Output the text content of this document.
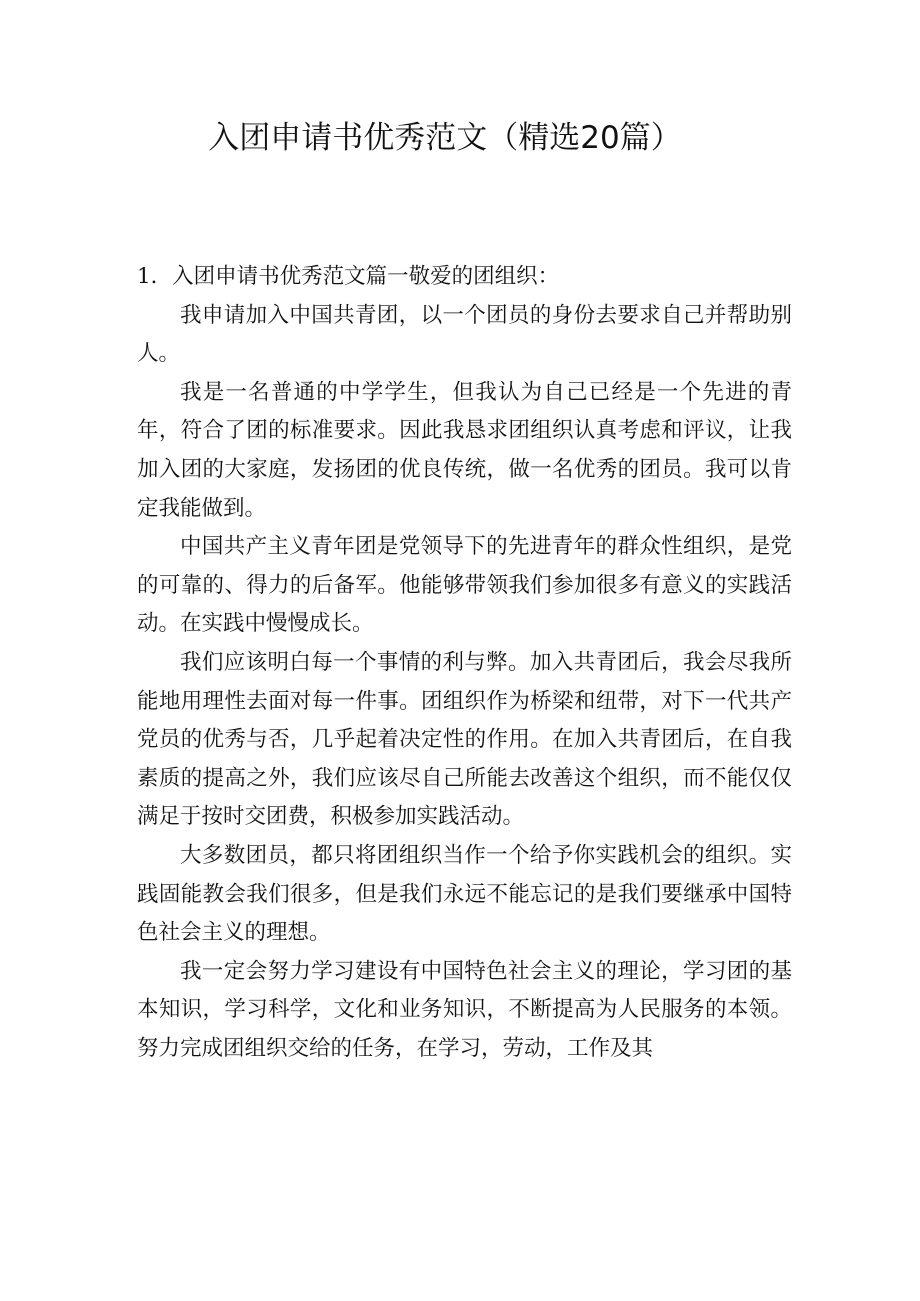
入团申请书优秀范文（精选20篇）

1．入团申请书优秀范文篇一敬爱的团组织：

我申请加入中国共青团，以一个团员的身份去要求自己并帮助别人。

我是一名普通的中学学生，但我认为自己已经是一个先进的青年，符合了团的标准要求。因此我恳求团组织认真考虑和评议，让我加入团的大家庭，发扬团的优良传统，做一名优秀的团员。我可以肯定我能做到。

中国共产主义青年团是党领导下的先进青年的群众性组织，是党的可靠的、得力的后备军。他能够带领我们参加很多有意义的实践活动。在实践中慢慢成长。

我们应该明白每一个事情的利与弊。加入共青团后，我会尽我所能地用理性去面对每一件事。团组织作为桥梁和纽带，对下一代共产党员的优秀与否，几乎起着决定性的作用。在加入共青团后，在自我素质的提高之外，我们应该尽自己所能去改善这个组织，而不能仅仅满足于按时交团费，积极参加实践活动。

大多数团员，都只将团组织当作一个给予你实践机会的组织。实践固能教会我们很多，但是我们永远不能忘记的是我们要继承中国特色社会主义的理想。

我一定会努力学习建设有中国特色社会主义的理论，学习团的基本知识，学习科学，文化和业务知识，不断提高为人民服务的本领。努力完成团组织交给的任务，在学习，劳动，工作及其
